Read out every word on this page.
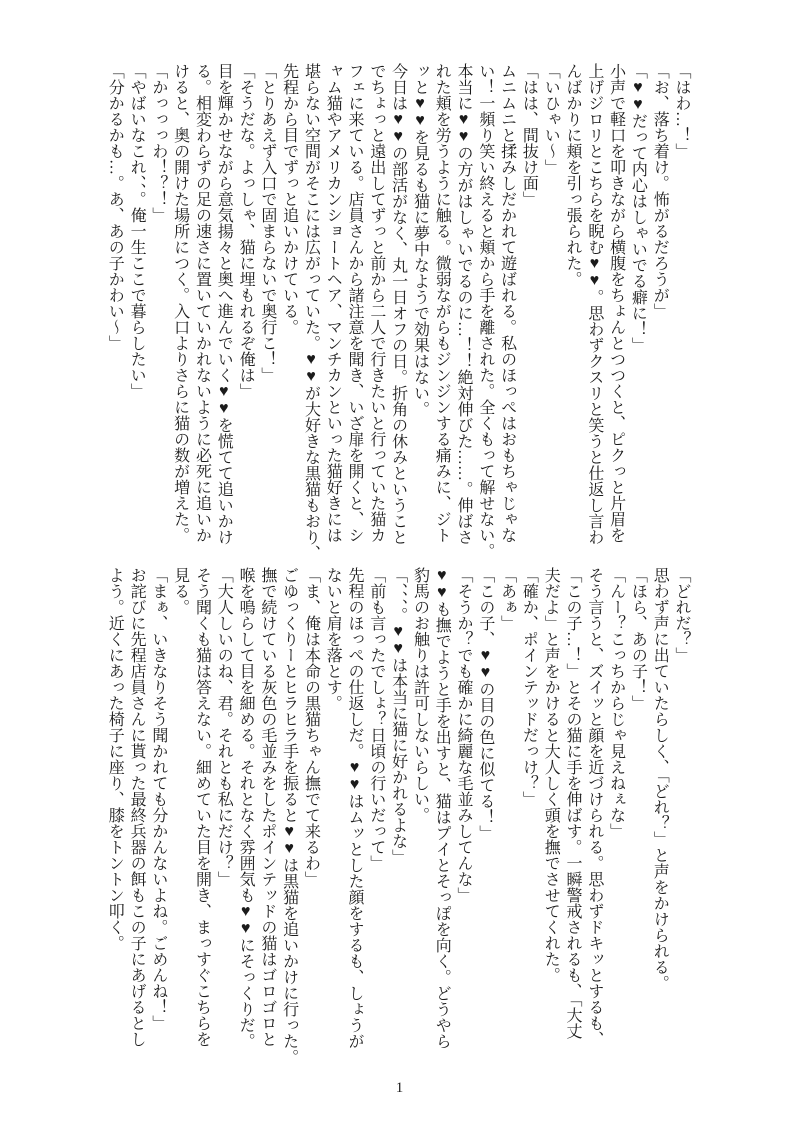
「はわ…！」

「お、落ち着け。怖がるだろうが」

「♥♥だって内心はしゃいでる癖に！」

小声で軽口を叩きながら横腹をちょんとつつくと、ピクっと片眉を

上げジロリとこちらを睨む♥♥。思わずクスリと笑うと仕返し言わ

んばかりに頬を引っ張られた。

「いひゃい〜」

「はは、間抜け面」

ムニムニと揉みしだかれて遊ばれる。私のほっぺはおもちゃじゃな

い！一頻り笑い終えると頬から手を離された。全くもって解せない。

本当に♥♥の方がはしゃいでるのに…！！絶対伸びた……。伸ばさ

れた頬を労うように触る。微弱ながらもジンジンする痛みに、ジト

ッと♥♥を見るも猫に夢中なようで効果はない。

今日は♥♥の部活がなく、丸一日オフの日。折角の休みということ

でちょっと遠出してずっと前から二人で行きたいと行っていた猫カ

フェに来ている。店員さんから諸注意を聞き、いざ扉を開くと、シ

ャム猫やアメリカンショートヘア、マンチカンといった猫好きには

堪らない空間がそこには広がっていた。♥♥が大好きな黒猫もおり、

先程から目でずっと追いかけている。

「とりあえず入口で固まらないで奥行こ！」

「そうだな。よっしゃ、猫に埋もれるぞ俺は」

目を輝かせながら意気揚々と奥へ進んでいく♥♥を慌てて追いかけ

る。相変わらずの足の速さに置いていかれないように必死に追いか

けると、奥の開けた場所につく。入口よりさらに猫の数が増えた。

「かっっっわ！？！」

「やばいなこれ、、。俺一生ここで暮らしたい」

「分かるかも…。あ、あの子かわい〜」

「どれだ？」

思わず声に出ていたらしく、「どれ？」と声をかけられる。

「ほら、あの子！」

「んー？こっちからじゃ見えねぇな」

そう言うと、ズイッと顔を近づけられる。思わずドキッとするも、

「この子…！」とその猫に手を伸ばす。一瞬警戒されるも、「大丈

夫だよ」と声をかけると大人しく頭を撫でさせてくれた。

「確か、ポインテッドだっけ？」

「あぁ」

「この子、♥♥の目の色に似てる！」

「そうか？でも確かに綺麗な毛並みしてんな」

♥♥も撫でようと手を出すと、猫はプイとそっぽを向く。どうやら

豹馬のお触りは許可しないらしい。

「、、、。♥♥は本当に猫に好かれるよな」

「前も言ったでしょ？日頃の行いだって」

先程のほっぺの仕返しだ。♥♥はムッとした顔をするも、しょうが

ないと肩を落とす。

「ま、俺は本命の黒猫ちゃん撫でて来るわ」

ごゆっくりーとヒラヒラ手を振ると♥♥は黒猫を追いかけに行った。

撫で続けている灰色の毛並みをしたポインテッドの猫はゴロゴロと

喉を鳴らして目を細める。それとなく雰囲気も♥♥にそっくりだ。

「大人しいのね、君。それとも私にだけ？」

そう聞くも猫は答えない。細めていた目を開き、まっすぐこちらを

見る。

「まぁ、いきなりそう聞かれても分かんないよね。ごめんね！」

お詫びに先程店員さんに貰った最終兵器の餌もこの子にあげるとし

よう。近くにあった椅子に座り、膝をトントン叩く。

1
